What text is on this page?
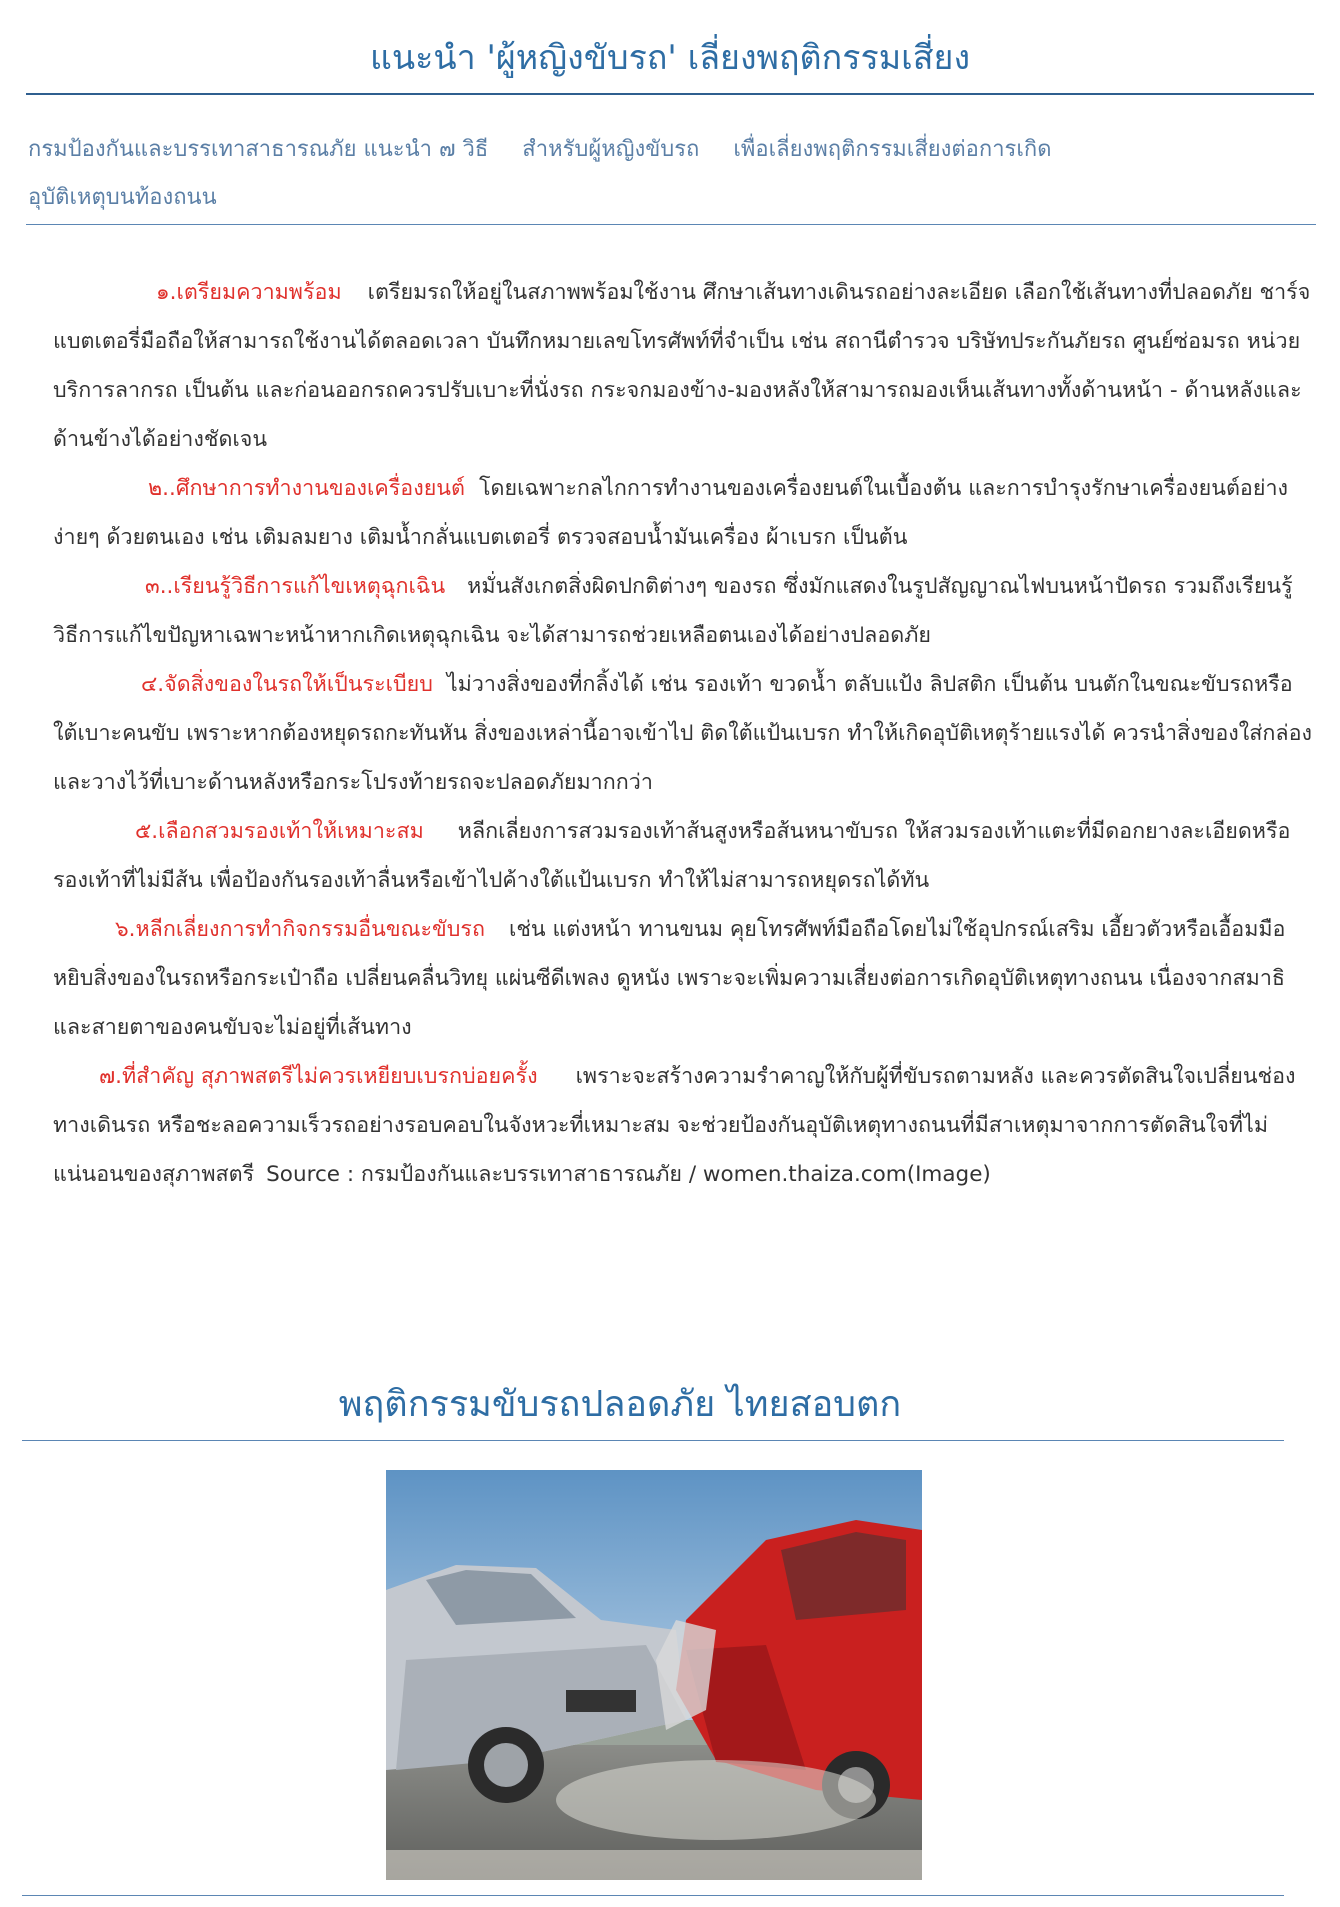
แนะนำ 'ผู้หญิงขับรถ' เลี่ยงพฤติกรรมเสี่ยง
กรมป้องกันและบรรเทาสาธารณภัย แนะนำ ๗ วิธี สำหรับผู้หญิงขับรถ เพื่อเลี่ยงพฤติกรรมเสี่ยงต่อการเกิด อุบัติเหตุบนท้องถนน

๑.เตรียมความพร้อม เตรียมรถให้อยู่ในสภาพพร้อมใช้งาน ศึกษาเส้นทางเดินรถอย่างละเอียด เลือกใช้เส้นทางที่ปลอดภัย ชาร์จแบตเตอรี่มือถือให้สามารถใช้งานได้ตลอดเวลา บันทึกหมายเลขโทรศัพท์ที่จำเป็น เช่น สถานีตำรวจ บริษัทประกันภัยรถ ศูนย์ซ่อมรถ หน่วยบริการลากรถ เป็นต้น และก่อนออกรถควรปรับเบาะที่นั่งรถ กระจกมองข้าง-มองหลังให้สามารถมองเห็นเส้นทางทั้งด้านหน้า - ด้านหลังและด้านข้างได้อย่างชัดเจน

๒..ศึกษาการทำงานของเครื่องยนต์ โดยเฉพาะกลไกการทำงานของเครื่องยนต์ในเบื้องต้น และการบำรุงรักษาเครื่องยนต์อย่างง่ายๆ ด้วยตนเอง เช่น เติมลมยาง เติมน้ำกลั่นแบตเตอรี่ ตรวจสอบน้ำมันเครื่อง ผ้าเบรก เป็นต้น

๓..เรียนรู้วิธีการแก้ไขเหตุฉุกเฉิน หมั่นสังเกตสิ่งผิดปกติต่างๆ ของรถ ซึ่งมักแสดงในรูปสัญญาณไฟบนหน้าปัดรถ รวมถึงเรียนรู้วิธีการแก้ไขปัญหาเฉพาะหน้าหากเกิดเหตุฉุกเฉิน จะได้สามารถช่วยเหลือตนเองได้อย่างปลอดภัย

๔.จัดสิ่งของในรถให้เป็นระเบียบ ไม่วางสิ่งของที่กลิ้งได้ เช่น รองเท้า ขวดน้ำ ตลับแป้ง ลิปสติก เป็นต้น บนตักในขณะขับรถหรือใต้เบาะคนขับ เพราะหากต้องหยุดรถกะทันหัน สิ่งของเหล่านี้อาจเข้าไป ติดใต้แป้นเบรก ทำให้เกิดอุบัติเหตุร้ายแรงได้ ควรนำสิ่งของใส่กล่องและวางไว้ที่เบาะด้านหลังหรือกระโปรงท้ายรถจะปลอดภัยมากกว่า

๕.เลือกสวมรองเท้าให้เหมาะสม หลีกเลี่ยงการสวมรองเท้าส้นสูงหรือส้นหนาขับรถ ให้สวมรองเท้าแตะที่มีดอกยางละเอียดหรือรองเท้าที่ไม่มีส้น เพื่อป้องกันรองเท้าลื่นหรือเข้าไปค้างใต้แป้นเบรก ทำให้ไม่สามารถหยุดรถได้ทัน

๖.หลีกเลี่ยงการทำกิจกรรมอื่นขณะขับรถ เช่น แต่งหน้า ทานขนม คุยโทรศัพท์มือถือโดยไม่ใช้อุปกรณ์เสริม เอี้ยวตัวหรือเอื้อมมือหยิบสิ่งของในรถหรือกระเป๋าถือ เปลี่ยนคลื่นวิทยุ แผ่นซีดีเพลง ดูหนัง เพราะจะเพิ่มความเสี่ยงต่อการเกิดอุบัติเหตุทางถนน เนื่องจากสมาธิและสายตาของคนขับจะไม่อยู่ที่เส้นทาง

๗.ที่สำคัญ สุภาพสตรีไม่ควรเหยียบเบรกบ่อยครั้ง เพราะจะสร้างความรำคาญให้กับผู้ที่ขับรถตามหลัง และควรตัดสินใจเปลี่ยนช่องทางเดินรถ หรือชะลอความเร็วรถอย่างรอบคอบในจังหวะที่เหมาะสม จะช่วยป้องกันอุบัติเหตุทางถนนที่มีสาเหตุมาจากการตัดสินใจที่ไม่แน่นอนของสุภาพสตรี Source : กรมป้องกันและบรรเทาสาธารณภัย / women.thaiza.com(Image)

พฤติกรรมขับรถปลอดภัย ไทยสอบตก
